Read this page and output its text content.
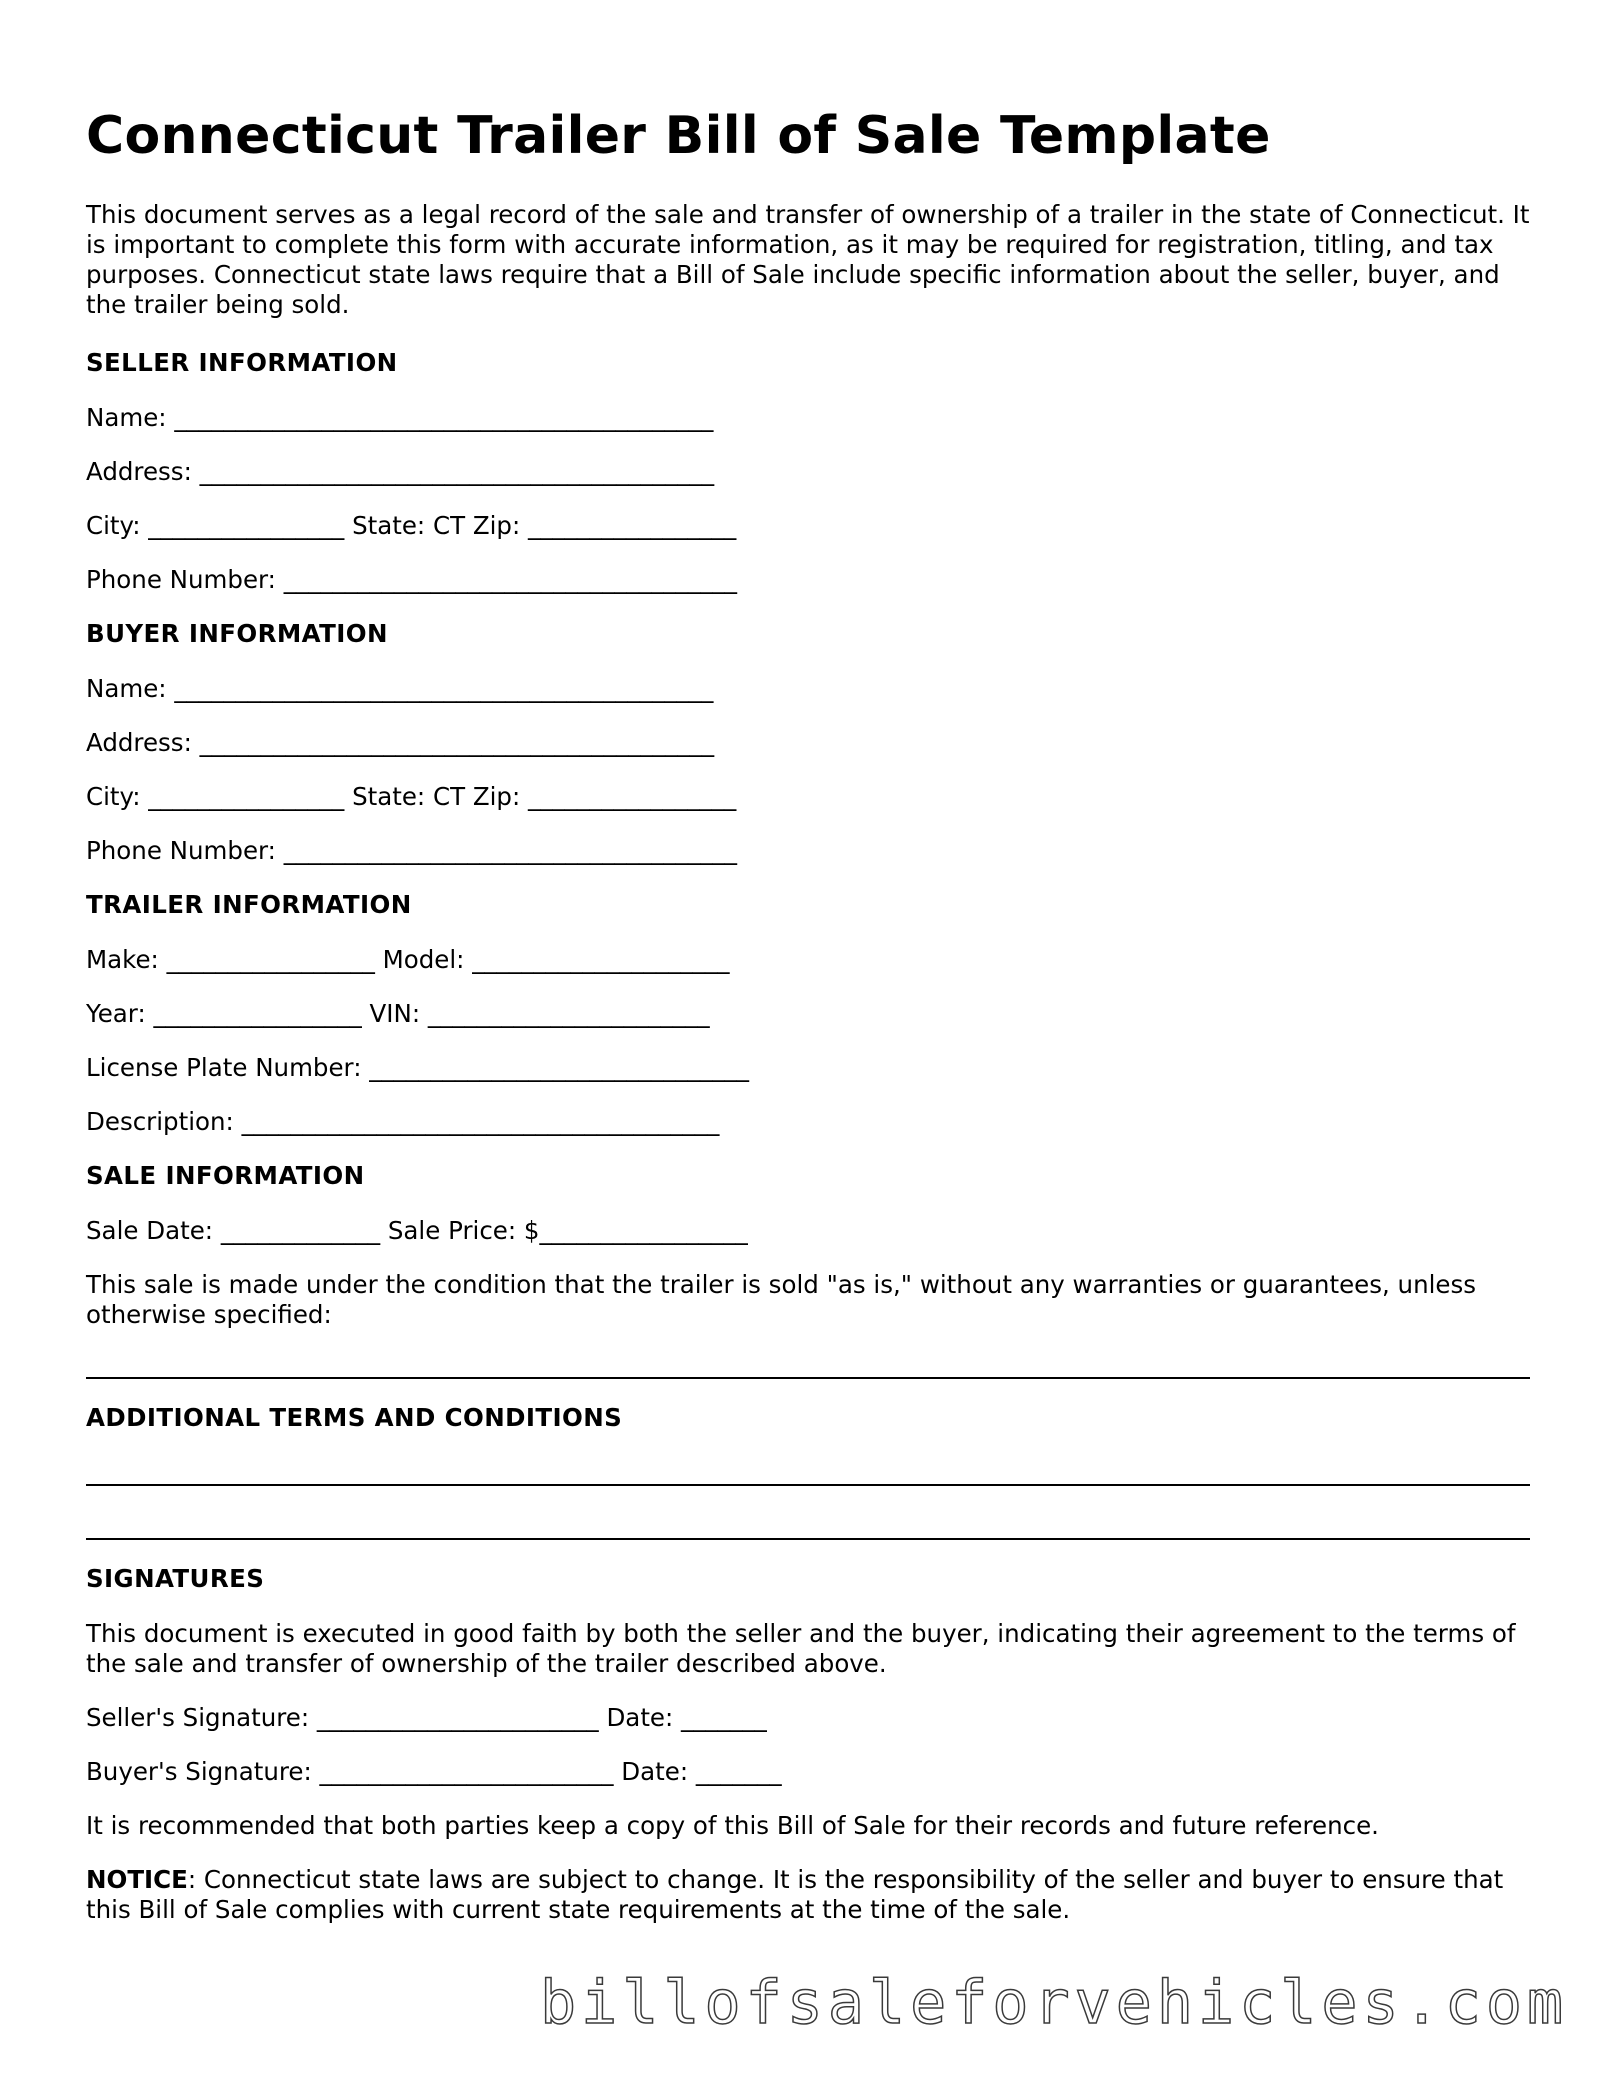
Connecticut Trailer Bill of Sale Template

This document serves as a legal record of the sale and transfer of ownership of a trailer in the state of Connecticut. It is important to complete this form with accurate information, as it may be required for registration, titling, and tax purposes. Connecticut state laws require that a Bill of Sale include specific information about the seller, buyer, and the trailer being sold.

SELLER INFORMATION
Name: ____________________________________________
Address: __________________________________________
City: ________________ State: CT Zip: _________________
Phone Number: _____________________________________
BUYER INFORMATION
Name: ____________________________________________
Address: __________________________________________
City: ________________ State: CT Zip: _________________
Phone Number: _____________________________________
TRAILER INFORMATION
Make: _________________ Model: _____________________
Year: _________________ VIN: _______________________
License Plate Number: _______________________________
Description: _______________________________________
SALE INFORMATION
Sale Date: _____________ Sale Price: $_________________

This sale is made under the condition that the trailer is sold "as is," without any warranties or guarantees, unless otherwise specified:

ADDITIONAL TERMS AND CONDITIONS
SIGNATURES

This document is executed in good faith by both the seller and the buyer, indicating their agreement to the terms of the sale and transfer of ownership of the trailer described above.

Seller's Signature: _______________________ Date: _______
Buyer's Signature: ________________________ Date: _______

It is recommended that both parties keep a copy of this Bill of Sale for their records and future reference.

NOTICE: Connecticut state laws are subject to change. It is the responsibility of the seller and buyer to ensure that this Bill of Sale complies with current state requirements at the time of the sale.

billofsaleforvehicles.com
